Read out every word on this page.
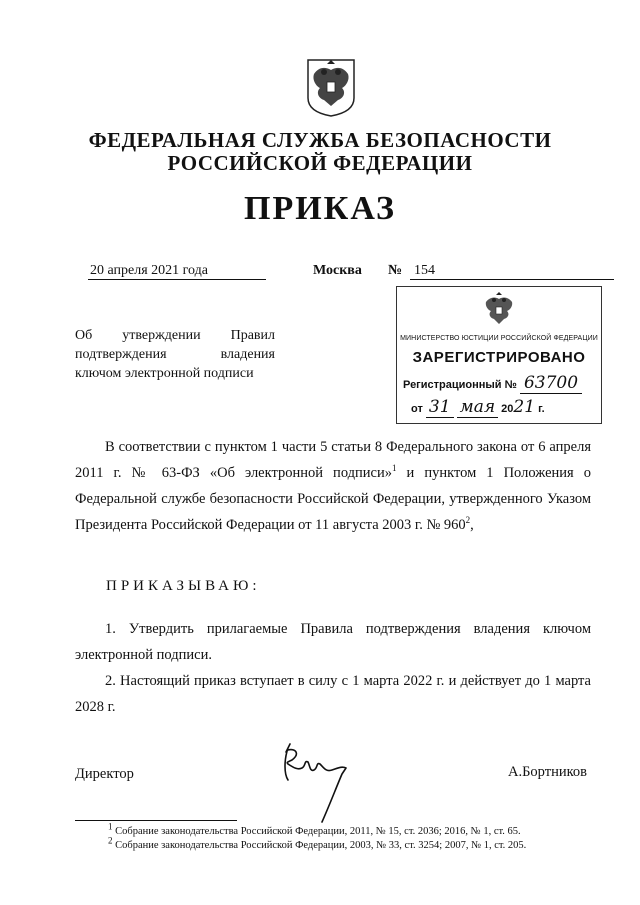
ФЕДЕРАЛЬНАЯ СЛУЖБА БЕЗОПАСНОСТИ
РОССИЙСКОЙ ФЕДЕРАЦИИ
ПРИКАЗ
20 апреля 2021 года	Москва № 154
Об утверждении Правил
подтверждения владения
ключом электронной подписи
МИНИСТЕРСТВО ЮСТИЦИИ РОССИЙСКОЙ ФЕДЕРАЦИИ
ЗАРЕГИСТРИРОВАНО
Регистрационный № 63700
от 31 мая 2021 г.
В соответствии с пунктом 1 части 5 статьи 8 Федерального закона от 6 апреля 2011 г. № 63-ФЗ «Об электронной подписи»$^1$ и пунктом 1 Положения о Федеральной службе безопасности Российской Федерации, утвержденного Указом Президента Российской Федерации от 11 августа 2003 г. № $960^2$,
ПРИКАЗЫВАЮ:
1. Утвердить прилагаемые Правила подтверждения владения ключом электронной подписи.
2. Настоящий приказ вступает в силу с 1 марта 2022 г. и действует до 1 марта 2028 г.
Директор	А.Бортников
$^1$ Собрание законодательства Российской Федерации, 2011, № 15, ст. 2036; 2016, № 1, ст. 65.
$^2$ Собрание законодательства Российской Федерации, 2003, № 33, ст. 3254; 2007, № 1, ст. 205.
